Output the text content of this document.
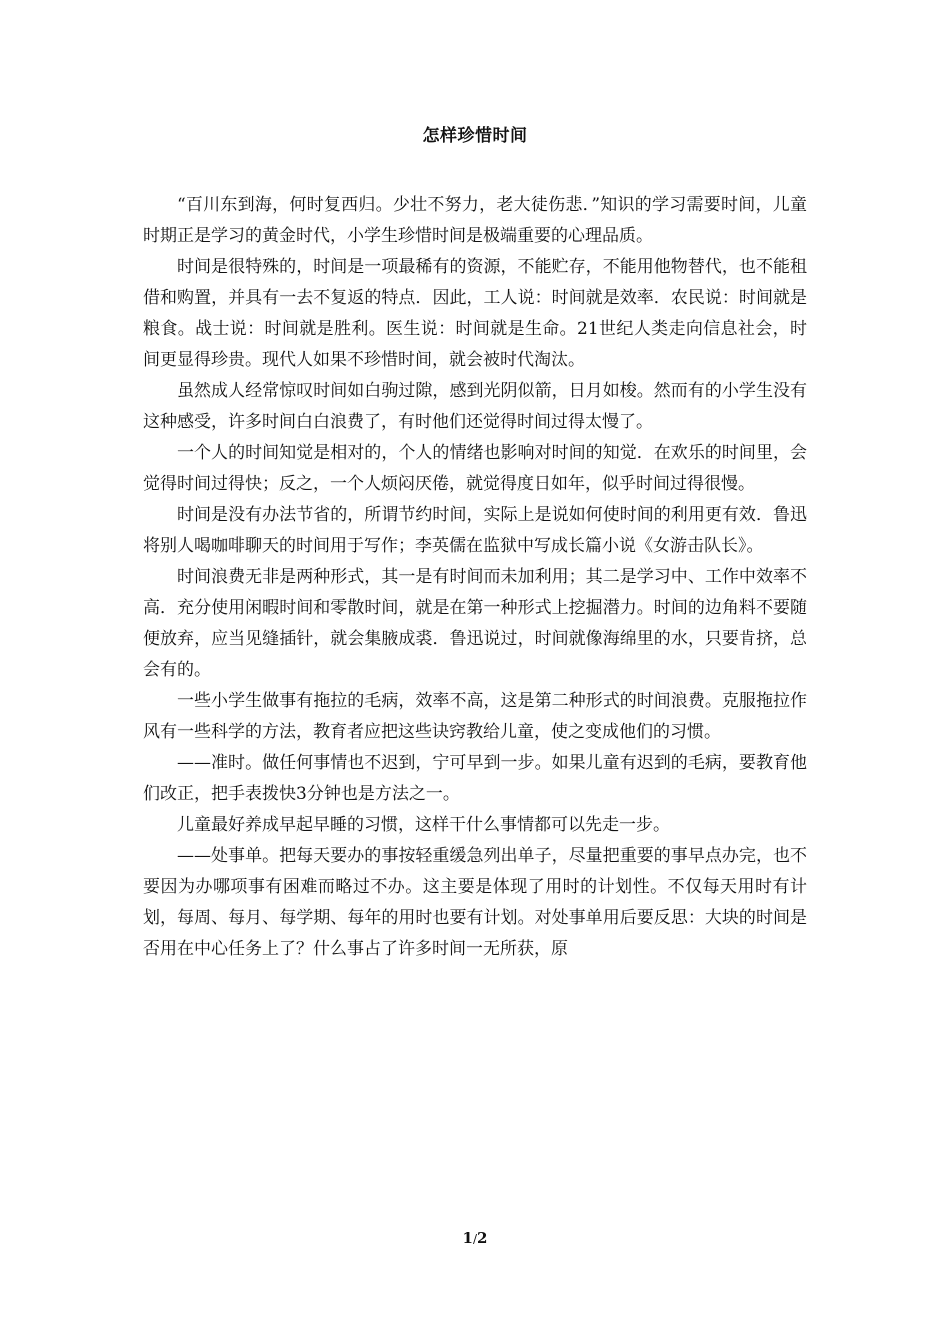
怎样珍惜时间

“百川东到海，何时复西归。少壮不努力，老大徒伤悲．”知识的学习需要时间，儿童时期正是学习的黄金时代，小学生珍惜时间是极端重要的心理品质。

时间是很特殊的，时间是一项最稀有的资源，不能贮存，不能用他物替代，也不能租借和购置，并具有一去不复返的特点．因此，工人说：时间就是效率．农民说：时间就是粮食。战士说：时间就是胜利。医生说：时间就是生命。21世纪人类走向信息社会，时间更显得珍贵。现代人如果不珍惜时间，就会被时代淘汰。

虽然成人经常惊叹时间如白驹过隙，感到光阴似箭，日月如梭。然而有的小学生没有这种感受，许多时间白白浪费了，有时他们还觉得时间过得太慢了。

一个人的时间知觉是相对的，个人的情绪也影响对时间的知觉．在欢乐的时间里，会觉得时间过得快；反之，一个人烦闷厌倦，就觉得度日如年，似乎时间过得很慢。

时间是没有办法节省的，所谓节约时间，实际上是说如何使时间的利用更有效．鲁迅将别人喝咖啡聊天的时间用于写作；李英儒在监狱中写成长篇小说《女游击队长》。

时间浪费无非是两种形式，其一是有时间而未加利用；其二是学习中、工作中效率不高．充分使用闲暇时间和零散时间，就是在第一种形式上挖掘潜力。时间的边角料不要随便放弃，应当见缝插针，就会集腋成裘．鲁迅说过，时间就像海绵里的水，只要肯挤，总会有的。

一些小学生做事有拖拉的毛病，效率不高，这是第二种形式的时间浪费。克服拖拉作风有一些科学的方法，教育者应把这些诀窍教给儿童，使之变成他们的习惯。

——准时。做任何事情也不迟到，宁可早到一步。如果儿童有迟到的毛病，要教育他们改正，把手表拨快3分钟也是方法之一。

儿童最好养成早起早睡的习惯，这样干什么事情都可以先走一步。

——处事单。把每天要办的事按轻重缓急列出单子，尽量把重要的事早点办完，也不要因为办哪项事有困难而略过不办。这主要是体现了用时的计划性。不仅每天用时有计划，每周、每月、每学期、每年的用时也要有计划。对处事单用后要反思：大块的时间是否用在中心任务上了？什么事占了许多时间一无所获，原

1/2
